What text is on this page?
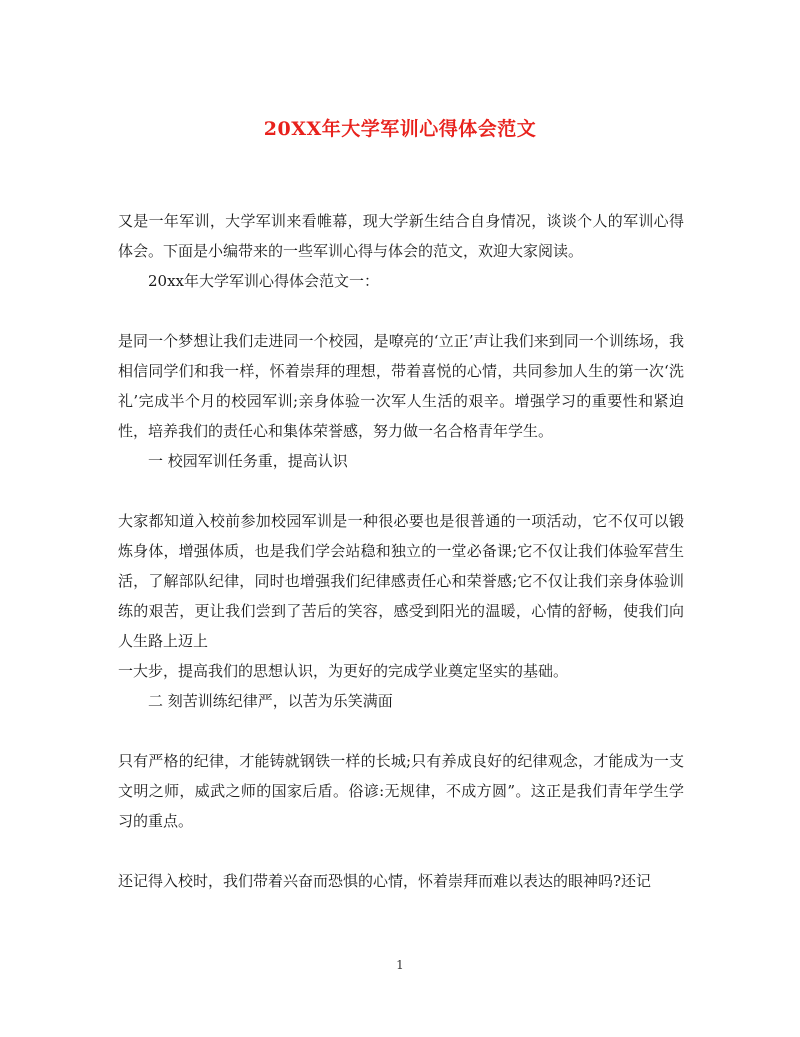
20XX年大学军训心得体会范文

又是一年军训，大学军训来看帷幕，现大学新生结合自身情况，谈谈个人的军训心得体会。下面是小编带来的一些军训心得与体会的范文，欢迎大家阅读。

20xx年大学军训心得体会范文一：

是同一个梦想让我们走进同一个校园，是嘹亮的‘立正’声让我们来到同一个训练场，我相信同学们和我一样，怀着崇拜的理想，带着喜悦的心情，共同参加人生的第一次‘洗礼’完成半个月的校园军训;亲身体验一次军人生活的艰辛。增强学习的重要性和紧迫性，培养我们的责任心和集体荣誉感，努力做一名合格青年学生。

一 校园军训任务重，提高认识

大家都知道入校前参加校园军训是一种很必要也是很普通的一项活动，它不仅可以锻炼身体，增强体质，也是我们学会站稳和独立的一堂必备课;它不仅让我们体验军营生活，了解部队纪律，同时也增强我们纪律感责任心和荣誉感;它不仅让我们亲身体验训练的艰苦，更让我们尝到了苦后的笑容，感受到阳光的温暖，心情的舒畅，使我们向人生路上迈上

一大步，提高我们的思想认识，为更好的完成学业奠定坚实的基础。

二 刻苦训练纪律严，以苦为乐笑满面

只有严格的纪律，才能铸就钢铁一样的长城;只有养成良好的纪律观念，才能成为一支文明之师，威武之师的国家后盾。俗谚:无规律，不成方圆”。这正是我们青年学生学习的重点。

还记得入校时，我们带着兴奋而恐惧的心情，怀着崇拜而难以表达的眼神吗?还记

1
